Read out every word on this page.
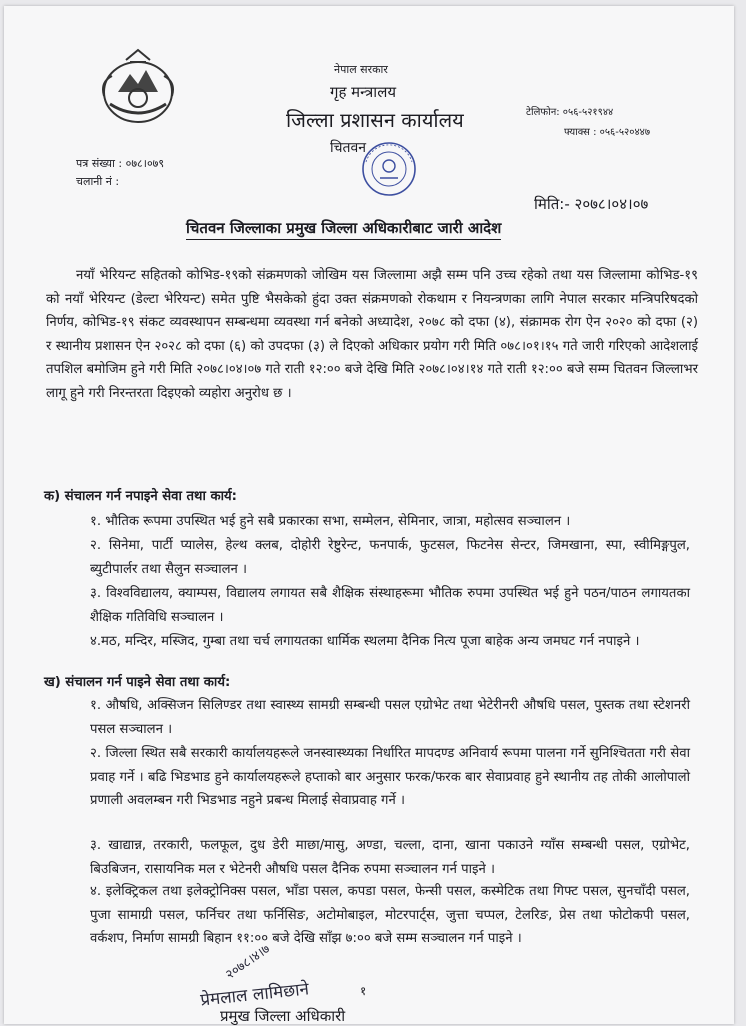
नेपाल सरकार
गृह मन्त्रालय
जिल्ला प्रशासन कार्यालय
चितवन
टेलिफोन: ०५६-५२१९४४
फ्याक्स : ०५६-५२०४४७
पत्र संख्या : ०७८।०७९
चलानी नं :
मिति:- २०७८।०४।०७
चितवन जिल्लाका प्रमुख जिल्ला अधिकारीबाट जारी आदेश
नयाँ भेरियन्ट सहितको कोभिड-१९को संक्रमणको जोखिम यस जिल्लामा अझै सम्म पनि उच्च रहेको तथा यस जिल्लामा कोभिड-१९ को नयाँ भेरियन्ट (डेल्टा भेरियन्ट) समेत पुष्टि भैसकेको हुंदा उक्त संक्रमणको रोकथाम र नियन्त्रणका लागि नेपाल सरकार मन्त्रिपरिषदको निर्णय, कोभिड-१९ संकट व्यवस्थापन सम्बन्धमा व्यवस्था गर्न बनेको अध्यादेश, २०७८ को दफा (४), संक्रामक रोग ऐन २०२० को दफा (२) र स्थानीय प्रशासन ऐन २०२८ को दफा (६) को उपदफा (३) ले दिएको अधिकार प्रयोग गरी मिति ०७८।०१।१५ गते जारी गरिएको आदेशलाई तपशिल बमोजिम हुने गरी मिति २०७८।०४।०७ गते राती १२:०० बजे देखि मिति २०७८।०४।१४ गते राती १२:०० बजे सम्म चितवन जिल्लाभर लागू हुने गरी निरन्तरता दिइएको व्यहोरा अनुरोध छ ।
क) संचालन गर्न नपाइने सेवा तथा कार्य:
१. भौतिक रूपमा उपस्थित भई हुने सबै प्रकारका सभा, सम्मेलन, सेमिनार, जात्रा, महोत्सव सञ्चालन ।
२. सिनेमा, पार्टी प्यालेस, हेल्थ क्लब, दोहोरी रेष्टुरेन्ट, फनपार्क, फुटसल, फिटनेस सेन्टर, जिमखाना, स्पा, स्वीमिङ्गपुल, ब्युटीपार्लर तथा सैलुन सञ्चालन ।
३. विश्वविद्यालय, क्याम्पस, विद्यालय लगायत सबै शैक्षिक संस्थाहरूमा भौतिक रुपमा उपस्थित भई हुने पठन/पाठन लगायतका शैक्षिक गतिविधि सञ्चालन ।
४.मठ, मन्दिर, मस्जिद, गुम्बा तथा चर्च लगायतका धार्मिक स्थलमा दैनिक नित्य पूजा बाहेक अन्य जमघट गर्न नपाइने ।
ख) संचालन गर्न पाइने सेवा तथा कार्य:
१. औषधि, अक्सिजन सिलिण्डर तथा स्वास्थ्य सामग्री सम्बन्धी पसल एग्रोभेट तथा भेटेरीनरी औषधि पसल, पुस्तक तथा स्टेशनरी पसल सञ्चालन ।
२. जिल्ला स्थित सबै सरकारी कार्यालयहरूले जनस्वास्थ्यका निर्धारित मापदण्ड अनिवार्य रूपमा पालना गर्ने सुनिश्चितता गरी सेवा प्रवाह गर्ने । बढि भिडभाड हुने कार्यालयहरूले हप्ताको बार अनुसार फरक/फरक बार सेवाप्रवाह हुने स्थानीय तह तोकी आलोपालो प्रणाली अवलम्बन गरी भिडभाड नहुने प्रबन्ध मिलाई सेवाप्रवाह गर्ने ।
३. खाद्यान्न, तरकारी, फलफूल, दुध डेरी माछा/मासु, अण्डा, चल्ला, दाना, खाना पकाउने ग्याँस सम्बन्धी पसल, एग्रोभेट, बिउबिजन, रासायनिक मल र भेटेनरी औषधि पसल दैनिक रुपमा सञ्चालन गर्न पाइने ।
४. इलेक्ट्रिकल तथा इलेक्ट्रोनिक्स पसल, भाँडा पसल, कपडा पसल, फेन्सी पसल, कस्मेटिक तथा गिफ्ट पसल, सुनचाँदी पसल, पुजा सामाग्री पसल, फर्निचर तथा फर्निसिङ, अटोमोबाइल, मोटरपार्ट्स, जुत्ता चप्पल, टेलरिङ, प्रेस तथा फोटोकपी पसल, वर्कशप, निर्माण सामग्री बिहान ११:०० बजे देखि साँझ ७:०० बजे सम्म सञ्चालन गर्न पाइने ।
१
२०७८।४।७
प्रेमलाल लामिछाने
प्रमुख जिल्ला अधिकारी
